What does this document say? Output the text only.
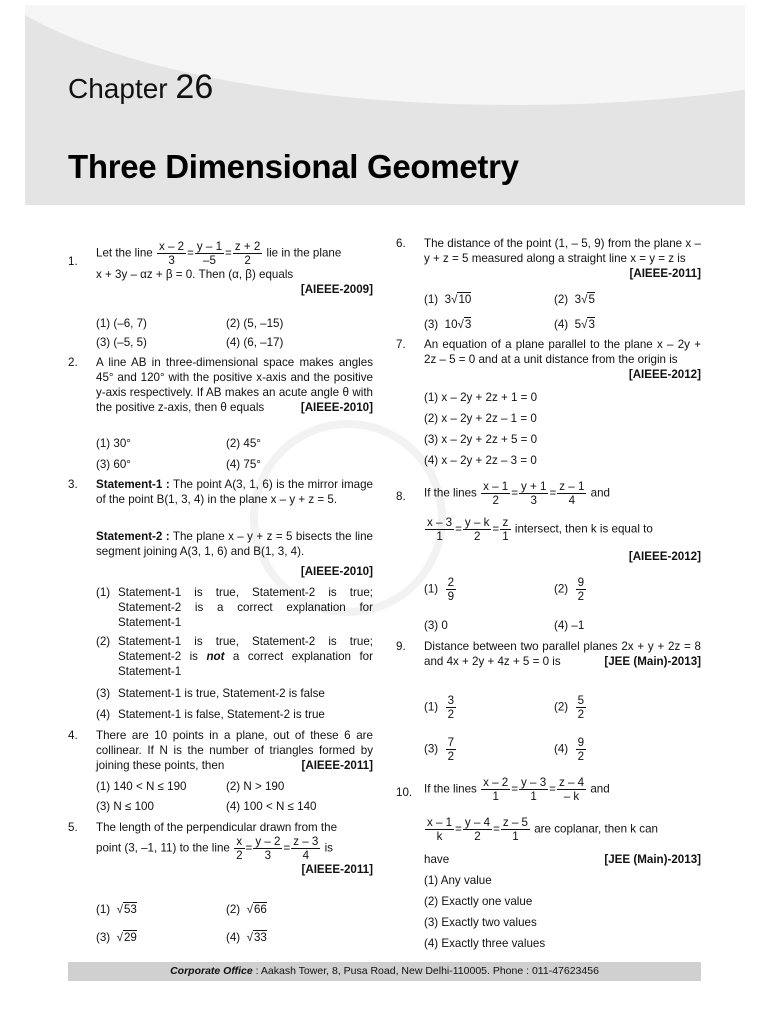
Chapter 26
Three Dimensional Geometry
1.
Let the line $\frac{x - 2}{3} = \frac{y - 1}{-5} = \frac{z + 2}{2}$ lie in the plane
x + 3y – αz + β = 0. Then (α, β) equals

[AIEEE-2009]
(1) (–6, 7)	(2) (5, –15)
(3) (–5, 5)	(4) (6, –17)
2. A line AB in three-dimensional space makes angles 45° and 120° with the positive x-axis and the positive y-axis respectively. If AB makes an acute angle θ with the positive z-axis, then θ equals	[AIEEE-2010]
(1) 30°	(2) 45°
(3) 60°	(4) 75°
3. Statement-1 : The point A(3, 1, 6) is the mirror image of the point B(1, 3, 4) in the plane x – y + z = 5.
Statement-2 : The plane x – y + z = 5 bisects the line segment joining A(3, 1, 6) and B(1, 3, 4).
[AIEEE-2010]
(1) Statement-1 is true, Statement-2 is true; Statement-2 is a correct explanation for Statement-1
(2) Statement-1 is true, Statement-2 is true; Statement-2 is not a correct explanation for Statement-1
(3) Statement-1 is true, Statement-2 is false
(4) Statement-1 is false, Statement-2 is true
4. There are 10 points in a plane, out of these 6 are collinear. If N is the number of triangles formed by joining these points, then	[AIEEE-2011]
(1) 140 < N ≤ 190	(2) N > 190
(3) N ≤ 100	(4) 100 < N ≤ 140
5. The length of the perpendicular drawn from the
point (3, –1, 11) to the line $\frac{x}{2} = \frac{y - 2}{3} = \frac{z - 3}{4}$ is

[AIEEE-2011]
(1)  √53	(2)  √66
(3)  √29	(4)  √33
6. The distance of the point (1, – 5, 9) from the plane x – y + z = 5 measured along a straight line x = y = z is
[AIEEE-2011]
(1) 3√10	(2) 3√5
(3) 10√3	(4) 5√3
7. An equation of a plane parallel to the plane x – 2y + 2z – 5 = 0 and at a unit distance from the origin is
[AIEEE-2012]
(1) x – 2y + 2z + 1 = 0
(2) x – 2y + 2z – 1 = 0
(3) x – 2y + 2z + 5 = 0
(4) x – 2y + 2z – 3 = 0
8. If the lines $\frac{x - 1}{2} = \frac{y + 1}{3} = \frac{z - 1}{4}$ and
$\frac{x - 3}{1} = \frac{y - k}{2} = \frac{z}{1}$ intersect, then k is equal to
[AIEEE-2012]
$(1) \frac{2}{9}$	$(2) \frac{9}{2}$
(3) 0	(4) –1
9. Distance between two parallel planes 2x + y + 2z = 8 and 4x + 2y + 4z + 5 = 0 is	[JEE (Main)-2013]
$(1) \frac{3}{2}$	$(2) \frac{5}{2}$
$(3) \frac{7}{2}$	$(4) \frac{9}{2}$
10. If the lines $\frac{x - 2}{1} = \frac{y - 3}{1} = \frac{z - 4}{- k}$ and
$\frac{x - 1}{k} = \frac{y - 4}{2} = \frac{z - 5}{1}$ are coplanar, then k can
have	[JEE (Main)-2013]
(1) Any value
(2) Exactly one value
(3) Exactly two values
(4) Exactly three values
Corporate Office : Aakash Tower, 8, Pusa Road, New Delhi-110005. Phone : 011-47623456
